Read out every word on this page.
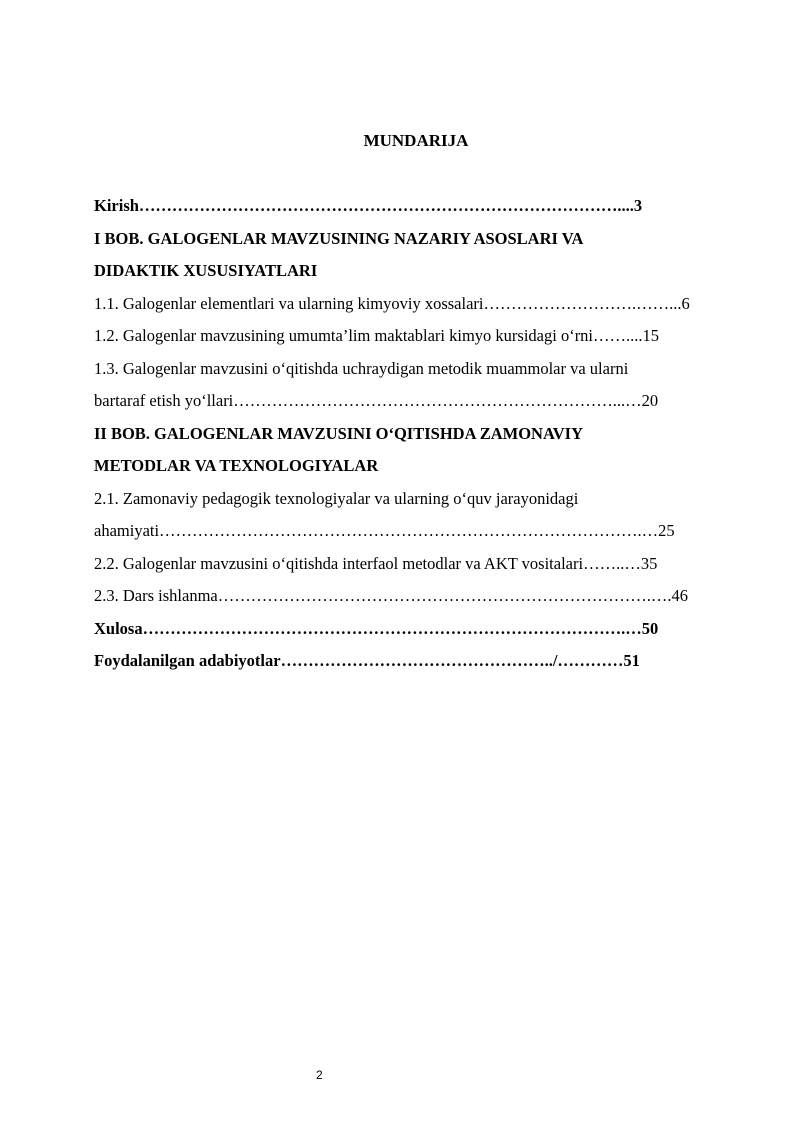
MUNDARIJA
Kirish……………………………………………………………………………....3
I BOB. GALOGENLAR MAVZUSINING NAZARIY ASOSLARI VA
DIDAKTIK XUSUSIYATLARI
1.1. Galogenlar elementlari va ularning kimyoviy xossalari……………………….……...6
1.2. Galogenlar mavzusining umumta’lim maktablari kimyo kursidagi o‘rni……....15
1.3. Galogenlar mavzusini o‘qitishda uchraydigan metodik muammolar va ularni
bartaraf etish yo‘llari……………………………………………………………...…20
II BOB. GALOGENLAR MAVZUSINI O‘QITISHDA ZAMONAVIY
METODLAR VA TEXNOLOGIYALAR
2.1. Zamonaviy pedagogik texnologiyalar va ularning o‘quv jarayonidagi
ahamiyati…………………………………………………………………………….…25
2.2. Galogenlar mavzusini o‘qitishda interfaol metodlar va AKT vositalari……..…35
2.3. Dars ishlanma…………………………………………………………………….….46
Xulosa…………………………………………………………………………….…50
Foydalanilgan adabiyotlar…………………………………………../…………51
2
